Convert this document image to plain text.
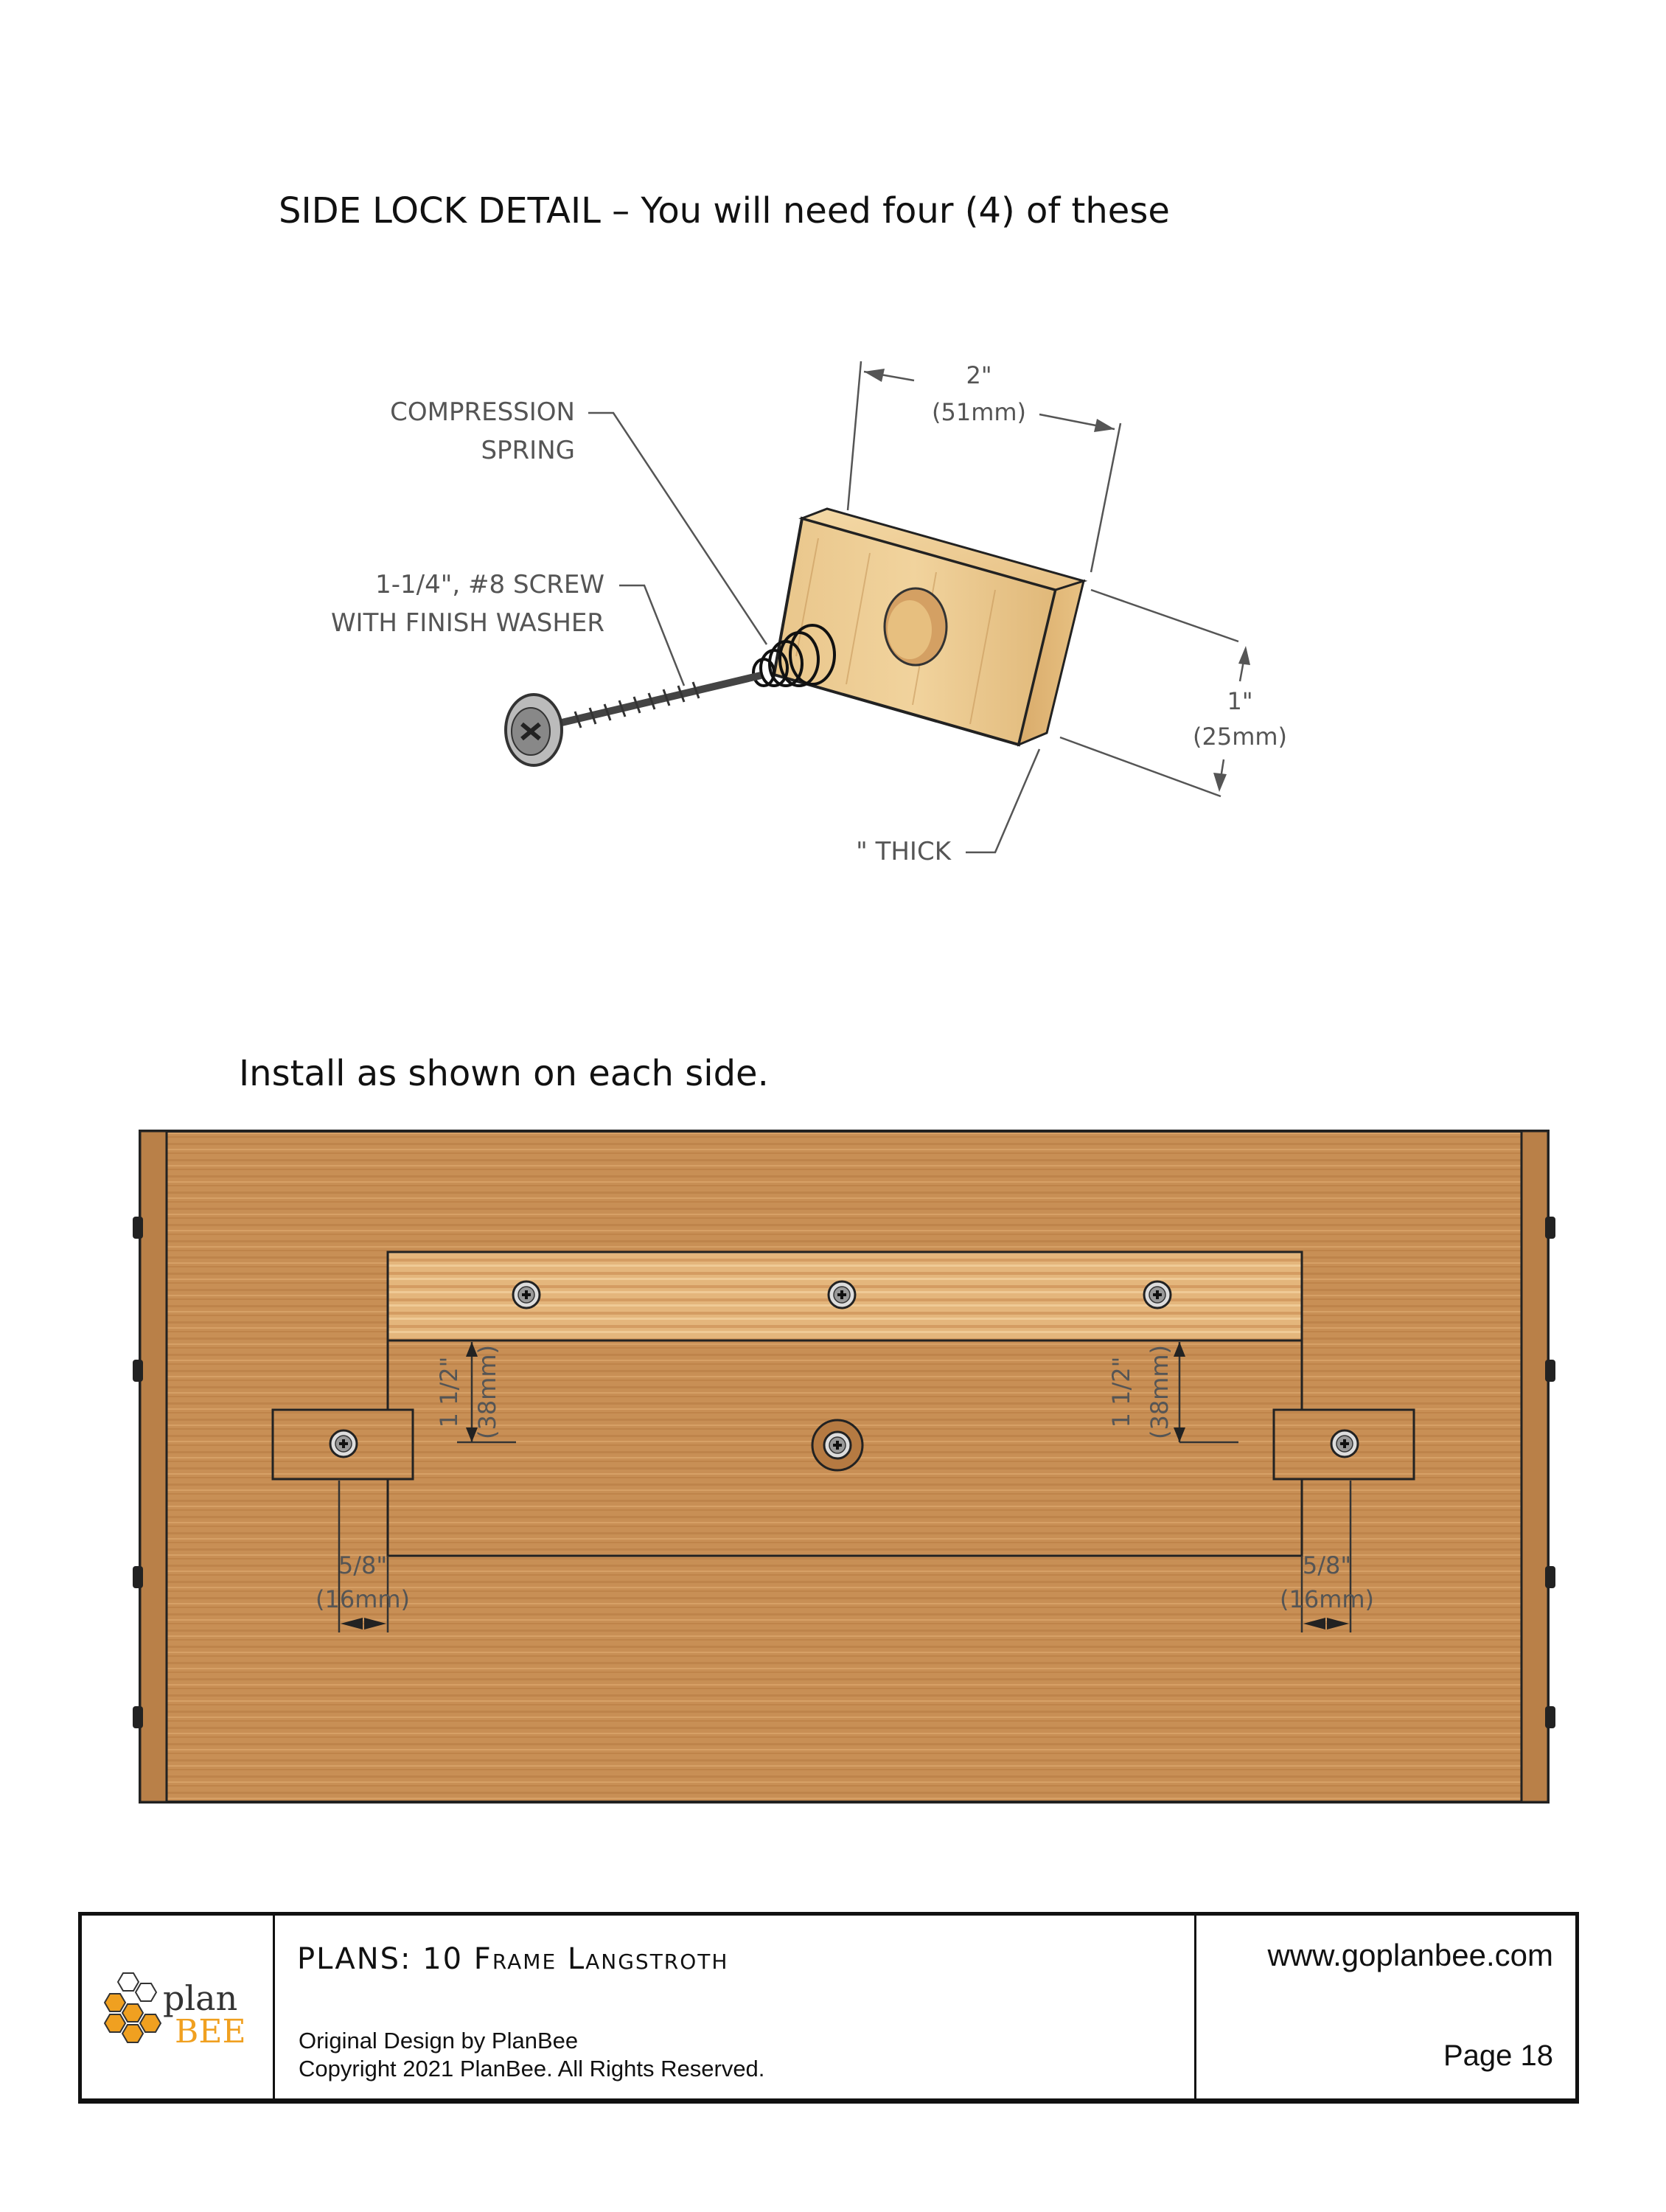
SIDE LOCK DETAIL – You will need four (4) of these
COMPRESSION
SPRING
1-1/4", #8 SCREW
WITH FINISH WASHER
2"
(51mm)
1"
(25mm)
" THICK
Install as shown on each side.
1 1/2" (38mm)	1 1/2" (38mm)
5/8"
(16mm)
5/8"
(16mm)
plan
BEE
PLANS: 10 Frame Langstroth
Original Design by PlanBee
Copyright 2021 PlanBee. All Rights Reserved.
www.goplanbee.com
Page 18
